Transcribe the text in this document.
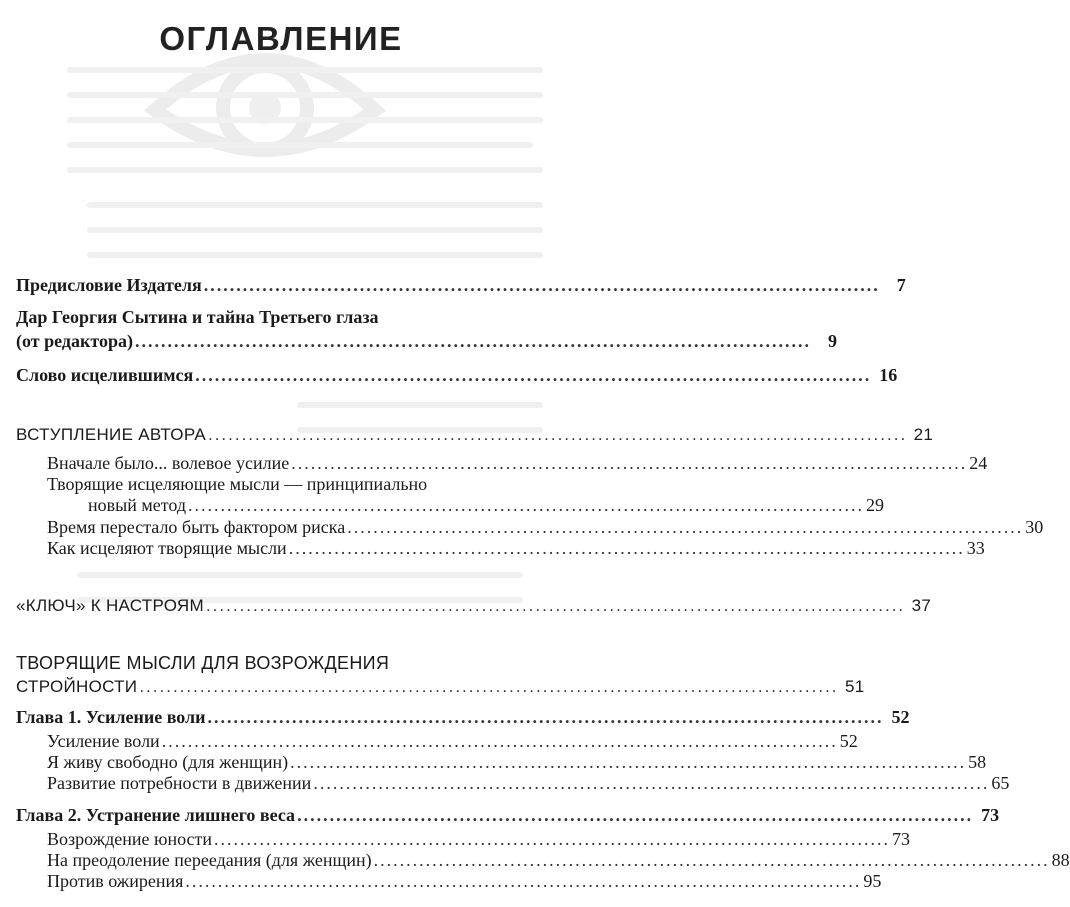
ОГЛАВЛЕНИЕ
Предисловие Издателя ........................................................................................................ 7
Дар Георгия Сытина и тайна Третьего глаза
(от редактора) ........................................................................................................ 9
Слово исцелившимся ........................................................................................................ 16
ВСТУПЛЕНИЕ АВТОРА ........................................................................................................ 21
Вначале было... волевое усилие ........................................................................................................ 24
Творящие исцеляющие мысли — принципиально
новый метод ........................................................................................................ 29
Время перестало быть фактором риска ........................................................................................................ 30
Как исцеляют творящие мысли ........................................................................................................ 33
«КЛЮЧ» К НАСТРОЯМ ........................................................................................................ 37
ТВОРЯЩИЕ МЫСЛИ ДЛЯ ВОЗРОЖДЕНИЯ
СТРОЙНОСТИ ........................................................................................................ 51
Глава 1. Усиление воли ........................................................................................................ 52
Усиление воли ........................................................................................................ 52
Я живу свободно (для женщин) ........................................................................................................ 58
Развитие потребности в движении ........................................................................................................ 65
Глава 2. Устранение лишнего веса ........................................................................................................ 73
Возрождение юности ........................................................................................................ 73
На преодоление переедания (для женщин) ........................................................................................................ 88
Против ожирения ........................................................................................................ 95
